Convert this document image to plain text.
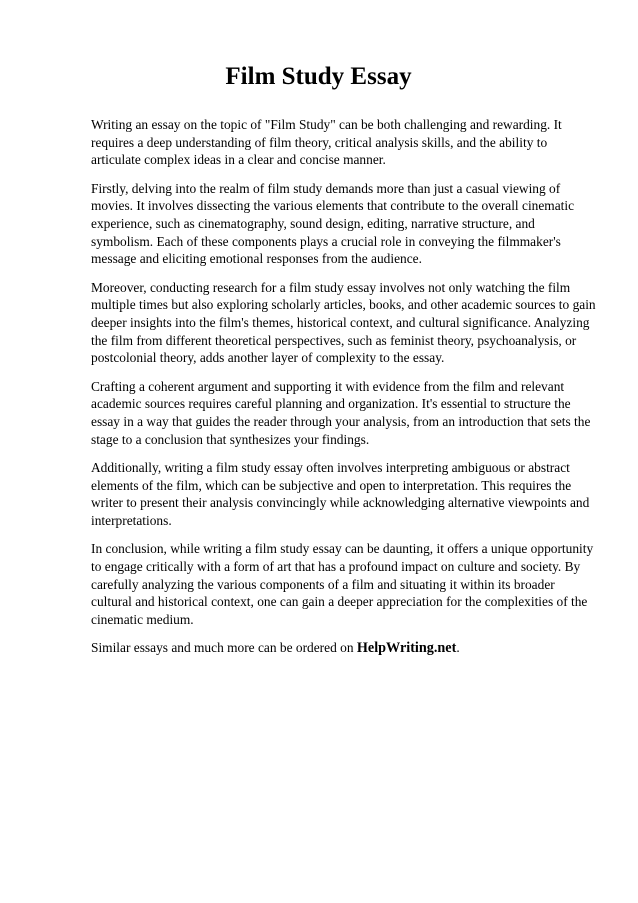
Film Study Essay

Writing an essay on the topic of "Film Study" can be both challenging and rewarding. It requires a deep understanding of film theory, critical analysis skills, and the ability to articulate complex ideas in a clear and concise manner.

Firstly, delving into the realm of film study demands more than just a casual viewing of movies. It involves dissecting the various elements that contribute to the overall cinematic experience, such as cinematography, sound design, editing, narrative structure, and symbolism. Each of these components plays a crucial role in conveying the filmmaker's message and eliciting emotional responses from the audience.

Moreover, conducting research for a film study essay involves not only watching the film multiple times but also exploring scholarly articles, books, and other academic sources to gain deeper insights into the film's themes, historical context, and cultural significance. Analyzing the film from different theoretical perspectives, such as feminist theory, psychoanalysis, or postcolonial theory, adds another layer of complexity to the essay.

Crafting a coherent argument and supporting it with evidence from the film and relevant academic sources requires careful planning and organization. It's essential to structure the essay in a way that guides the reader through your analysis, from an introduction that sets the stage to a conclusion that synthesizes your findings.

Additionally, writing a film study essay often involves interpreting ambiguous or abstract elements of the film, which can be subjective and open to interpretation. This requires the writer to present their analysis convincingly while acknowledging alternative viewpoints and interpretations.

In conclusion, while writing a film study essay can be daunting, it offers a unique opportunity to engage critically with a form of art that has a profound impact on culture and society. By carefully analyzing the various components of a film and situating it within its broader cultural and historical context, one can gain a deeper appreciation for the complexities of the cinematic medium.

Similar essays and much more can be ordered on HelpWriting.net.
